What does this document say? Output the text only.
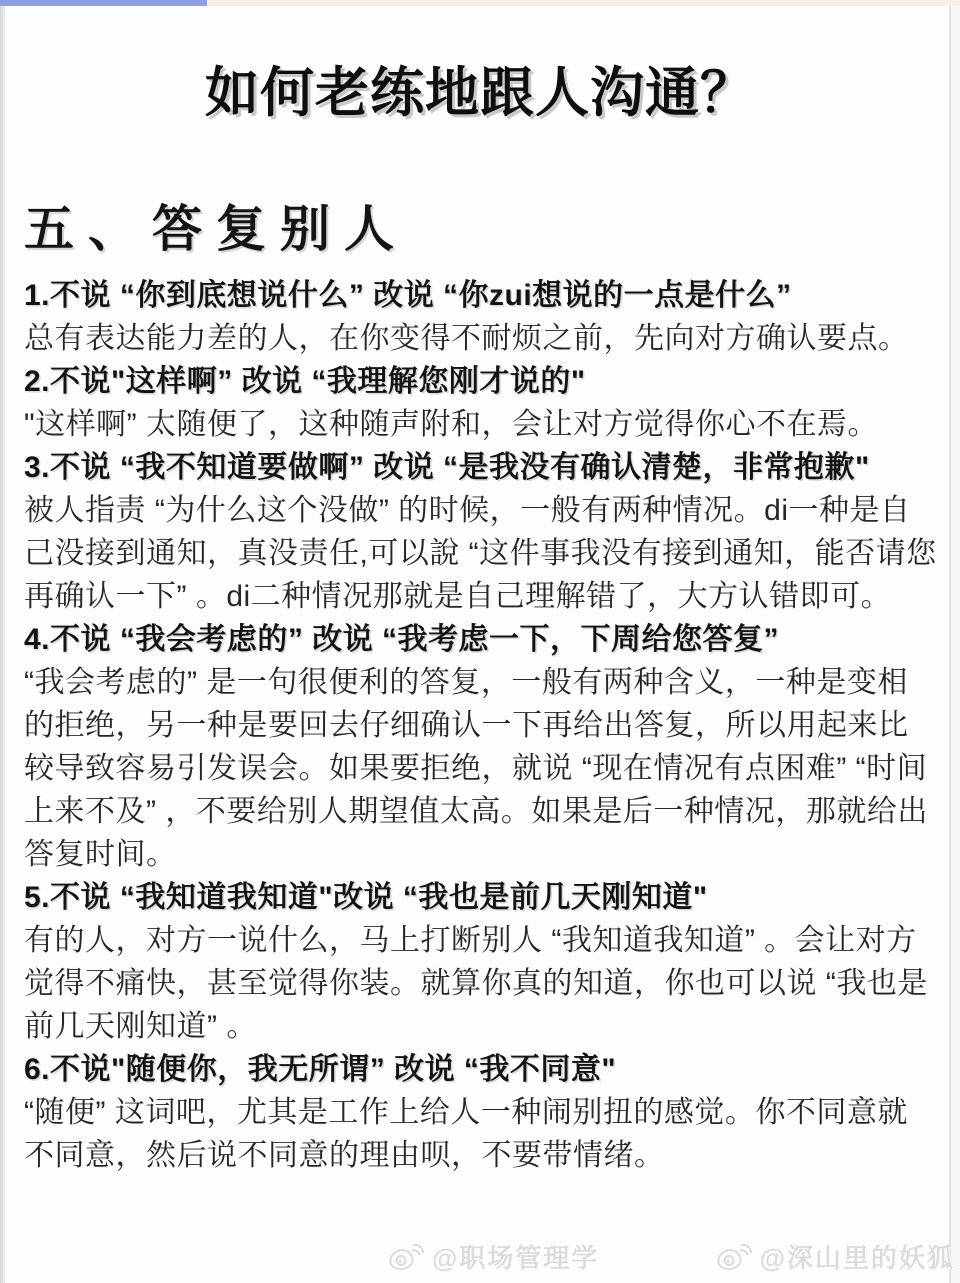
如何老练地跟人沟通？
五、答复别人

1.不说 “你到底想说什么” 改说 “你zui想说的一点是什么”

总有表达能力差的人，在你变得不耐烦之前，先向对方确认要点。

2.不说"这样啊” 改说 “我理解您刚才说的"

"这样啊” 太随便了，这种随声附和，会让对方觉得你心不在焉。

3.不说 “我不知道要做啊” 改说 “是我没有确认清楚，非常抱歉"

被人指责 “为什么这个没做” 的时候，一般有两种情况。di一种是自己没接到通知，真没责任,可以說 “这件事我没有接到通知，能否请您再确认一下” 。di二种情况那就是自己理解错了，大方认错即可。

4.不说 “我会考虑的” 改说 “我考虑一下，下周给您答复”

“我会考虑的” 是一句很便利的答复，一般有两种含义，一种是变相的拒绝，另一种是要回去仔细确认一下再给出答复，所以用起来比较导致容易引发误会。如果要拒绝，就说 “现在情况有点困难” “时间上来不及” ，不要给别人期望值太高。如果是后一种情况，那就给出答复时间。

5.不说 “我知道我知道"改说 “我也是前几天刚知道"

有的人，对方一说什么，马上打断别人 “我知道我知道” 。会让对方觉得不痛快，甚至觉得你装。就算你真的知道，你也可以说 “我也是前几天刚知道” 。

6.不说"随便你，我无所谓” 改说 “我不同意"

“随便” 这词吧，尤其是工作上给人一种闹别扭的感觉。你不同意就不同意，然后说不同意的理由呗，不要带情绪。

@职场管理学	@深山里的妖狐
